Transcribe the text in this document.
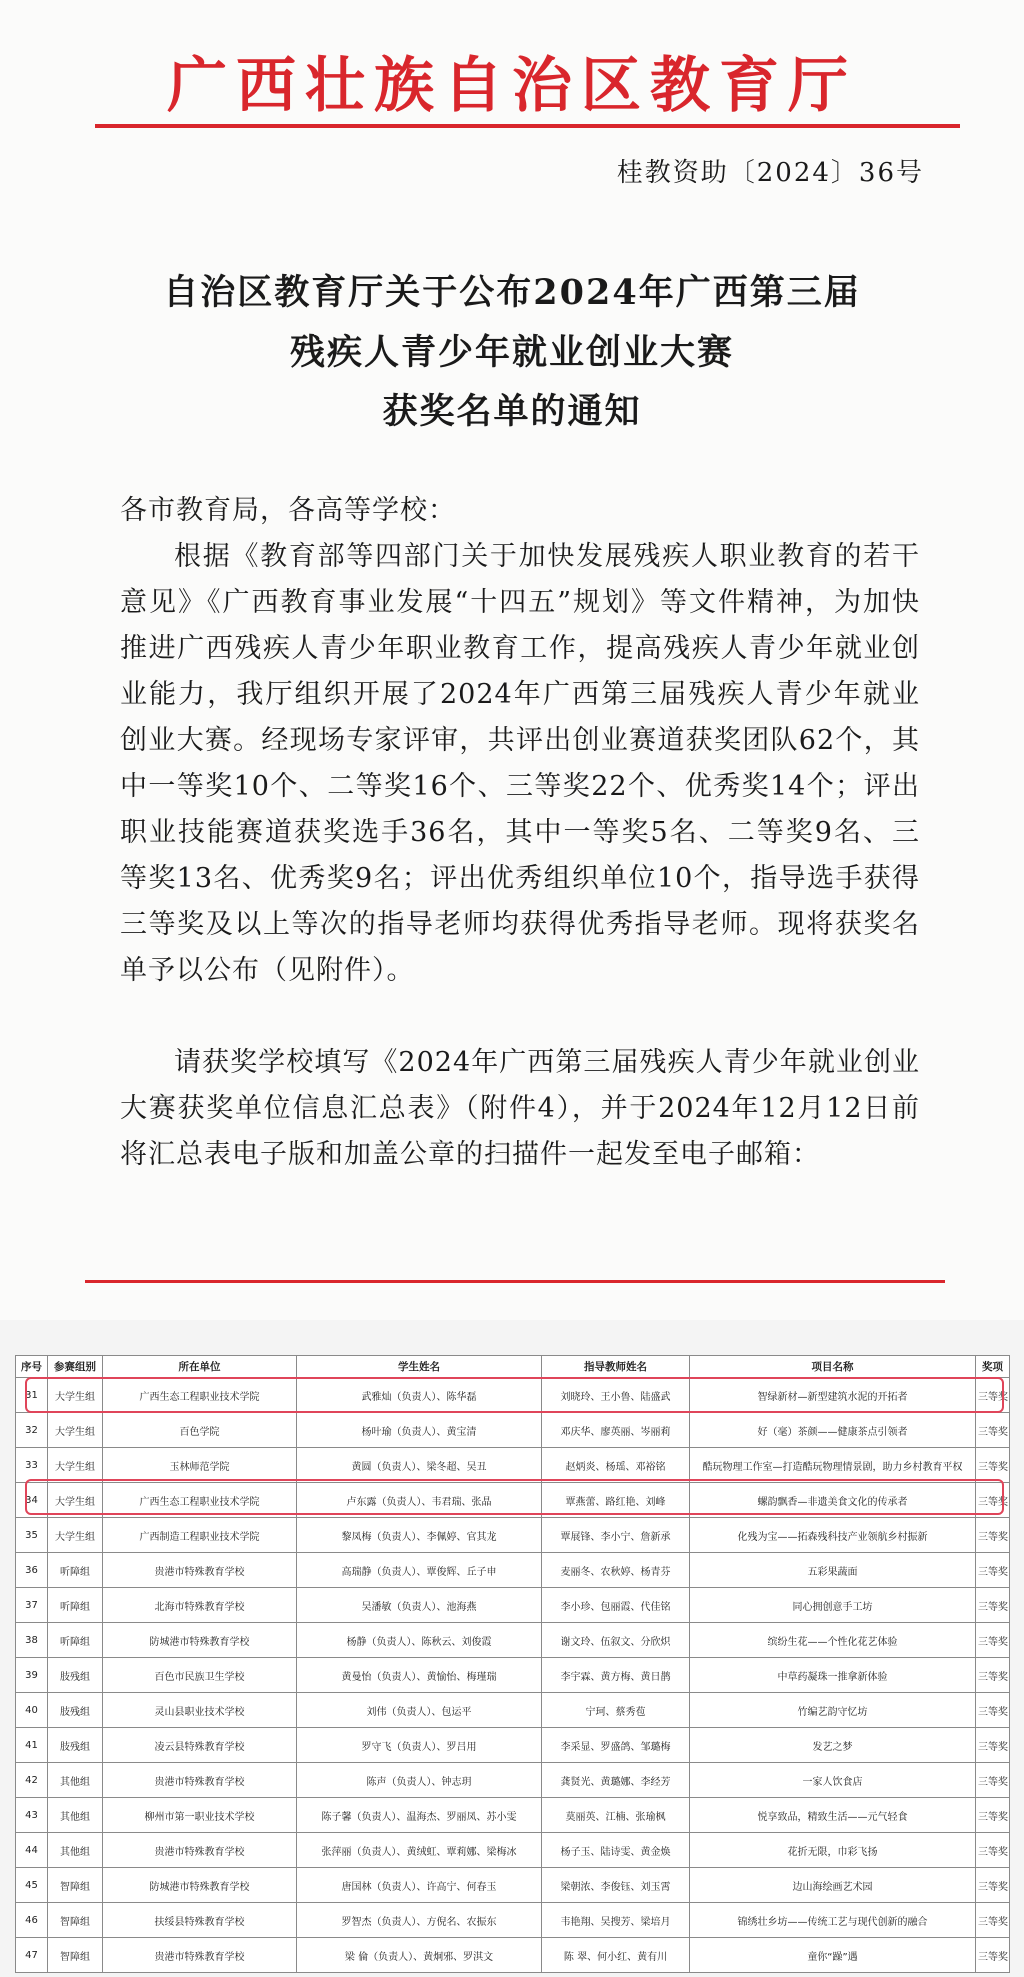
广西壮族自治区教育厅
桂教资助〔2024〕36号
自治区教育厅关于公布2024年广西第三届
残疾人青少年就业创业大赛
获奖名单的通知
各市教育局，各高等学校：
根据《教育部等四部门关于加快发展残疾人职业教育的若干意见》《广西教育事业发展“十四五”规划》等文件精神，为加快推进广西残疾人青少年职业教育工作，提高残疾人青少年就业创业能力，我厅组织开展了2024年广西第三届残疾人青少年就业创业大赛。经现场专家评审，共评出创业赛道获奖团队62个，其中一等奖10个、二等奖16个、三等奖22个、优秀奖14个；评出职业技能赛道获奖选手36名，其中一等奖5名、二等奖9名、三等奖13名、优秀奖9名；评出优秀组织单位10个，指导选手获得三等奖及以上等次的指导老师均获得优秀指导老师。现将获奖名单予以公布（见附件）。
请获奖学校填写《2024年广西第三届残疾人青少年就业创业大赛获奖单位信息汇总表》（附件4），并于2024年12月12日前将汇总表电子版和加盖公章的扫描件一起发至电子邮箱：
序号	参赛组别	所在单位	学生姓名	指导教师姓名	项目名称	奖项
31	大学生组	广西生态工程职业技术学院	武雅灿（负责人）、陈华磊	刘晓玲、王小鲁、陆盛武	智绿新材—新型建筑水泥的开拓者	三等奖
32	大学生组	百色学院	杨叶瑜（负责人）、黄宝清	邓庆华、廖英丽、岑丽莉	好（毫）茶颜——健康茶点引领者	三等奖
33	大学生组	玉林师范学院	黄圆（负责人）、梁冬超、吴丑	赵炳炎、杨瑶、邓裕铭	酷玩物理工作室—打造酷玩物理情景剧，助力乡村教育平权	三等奖
34	大学生组	广西生态工程职业技术学院	卢东露（负责人）、韦君瑞、张晶	覃燕蕾、路红艳、刘峰	螺韵飘香—非遗美食文化的传承者	三等奖
35	大学生组	广西制造工程职业技术学院	黎凤梅（负责人）、李佩婷、官其龙	覃展锋、李小宁、詹新承	化残为宝——拓森残科技产业领航乡村振新	三等奖
36	听障组	贵港市特殊教育学校	高瑞静（负责人）、覃俊辉、丘子申	麦丽冬、农秋婷、杨青芬	五彩果蔬面	三等奖
37	听障组	北海市特殊教育学校	吴潘敏（负责人）、池海燕	李小珍、包丽霞、代佳铭	同心拥创意手工坊	三等奖
38	听障组	防城港市特殊教育学校	杨静（负责人）、陈秋云、刘俊霞	谢文玲、伍叙文、分欣炽	缤纷生花——个性化花艺体验	三等奖
39	肢残组	百色市民族卫生学校	黄曼怡（负责人）、黄愉怡、梅瑾瑞	李宇霖、黄方梅、黄日鹊	中草药凝珠一推拿新体验	三等奖
40	肢残组	灵山县职业技术学校	刘伟（负责人）、包运平	宁珂、蔡秀苞	竹编艺韵守忆坊	三等奖
41	肢残组	凌云县特殊教育学校	罗守飞（负责人）、罗吕用	李采显、罗盛鸽、邹璐梅	发艺之梦	三等奖
42	其他组	贵港市特殊教育学校	陈声（负责人）、钟志玥	龚贤光、黄璐娜、李经芳	一家人饮食店	三等奖
43	其他组	柳州市第一职业技术学校	陈子馨（负责人）、温海杰、罗丽凤、苏小雯	莫丽英、江楠、张瑜枫	悦享致品，精致生活——元气轻食	三等奖
44	其他组	贵港市特殊教育学校	张萍丽（负责人）、黄绒虹、覃莉娜、梁梅冰	杨子玉、陆诗雯、黄金焕	花折无限，巾彩飞扬	三等奖
45	智障组	防城港市特殊教育学校	唐国林（负责人）、许高宁、何春玉	梁朝浓、李俊钰、刘玉霄	边山海绘画艺术园	三等奖
46	智障组	扶绥县特殊教育学校	罗智杰（负责人）、方倪名、农振东	韦艳翔、吴搜芳、梁培月	锦绣壮乡坊——传统工艺与现代创新的融合	三等奖
47	智障组	贵港市特殊教育学校	梁 倫（负责人）、黄炯邪、罗淇文	陈 翠、何小红、黄有川	童你“躁”遇	三等奖
